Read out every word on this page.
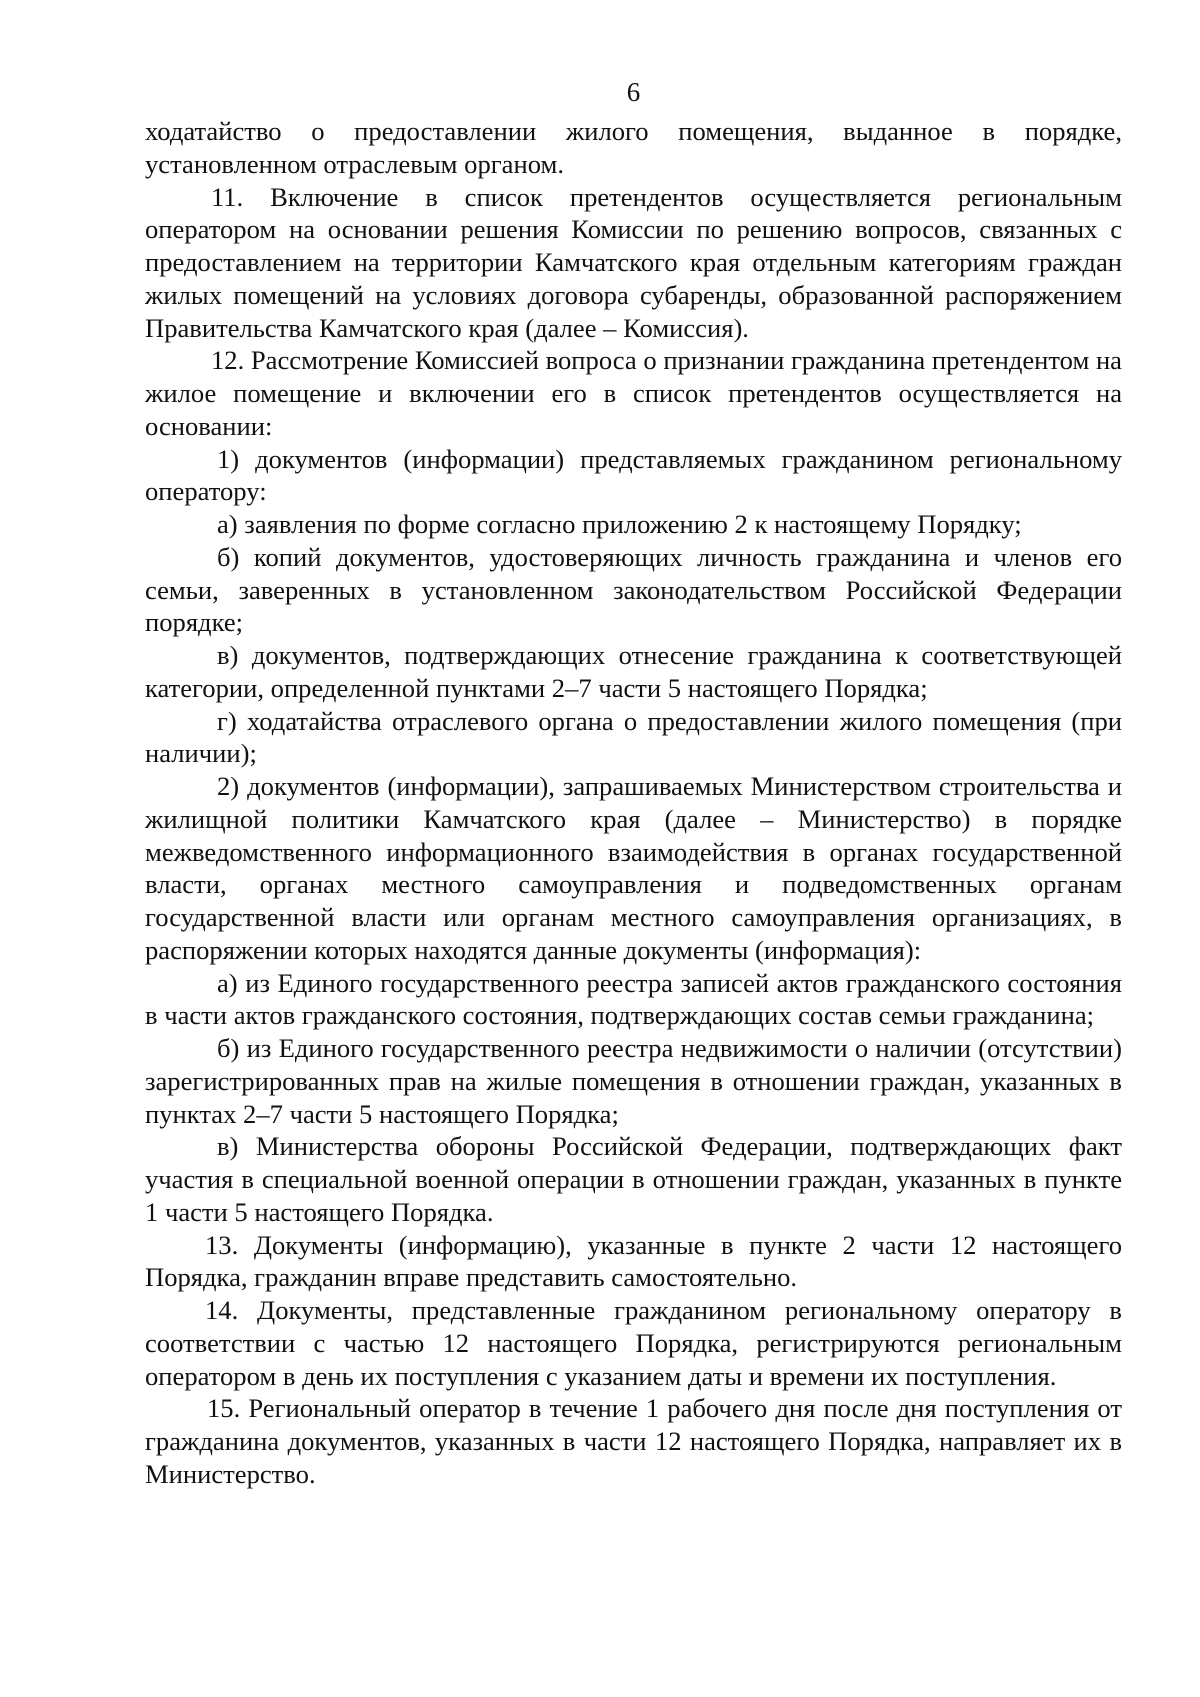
6

ходатайство о предоставлении жилого помещения, выданное в порядке, установленном отраслевым органом.

11. Включение в список претендентов осуществляется региональным оператором на основании решения Комиссии по решению вопросов, связанных с предоставлением на территории Камчатского края отдельным категориям граждан жилых помещений на условиях договора субаренды, образованной распоряжением Правительства Камчатского края (далее – Комиссия).

12. Рассмотрение Комиссией вопроса о признании гражданина претендентом на жилое помещение и включении его в список претендентов осуществляется на основании:

1) документов (информации) представляемых гражданином региональному оператору:

а) заявления по форме согласно приложению 2 к настоящему Порядку;

б) копий документов, удостоверяющих личность гражданина и членов его семьи, заверенных в установленном законодательством Российской Федерации порядке;

в) документов, подтверждающих отнесение гражданина к соответствующей категории, определенной пунктами 2–7 части 5 настоящего Порядка;

г) ходатайства отраслевого органа о предоставлении жилого помещения (при наличии);

2) документов (информации), запрашиваемых Министерством строительства и жилищной политики Камчатского края (далее – Министерство) в порядке межведомственного информационного взаимодействия в органах государственной власти, органах местного самоуправления и подведомственных органам государственной власти или органам местного самоуправления организациях, в распоряжении которых находятся данные документы (информация):

а) из Единого государственного реестра записей актов гражданского состояния в части актов гражданского состояния, подтверждающих состав семьи гражданина;

б) из Единого государственного реестра недвижимости о наличии (отсутствии) зарегистрированных прав на жилые помещения в отношении граждан, указанных в пунктах 2–7 части 5 настоящего Порядка;

в) Министерства обороны Российской Федерации, подтверждающих факт участия в специальной военной операции в отношении граждан, указанных в пункте 1 части 5 настоящего Порядка.

13. Документы (информацию), указанные в пункте 2 части 12 настоящего Порядка, гражданин вправе представить самостоятельно.

14. Документы, представленные гражданином региональному оператору в соответствии с частью 12 настоящего Порядка, регистрируются региональным оператором в день их поступления с указанием даты и времени их поступления.

15. Региональный оператор в течение 1 рабочего дня после дня поступления от гражданина документов, указанных в части 12 настоящего Порядка, направляет их в Министерство.
